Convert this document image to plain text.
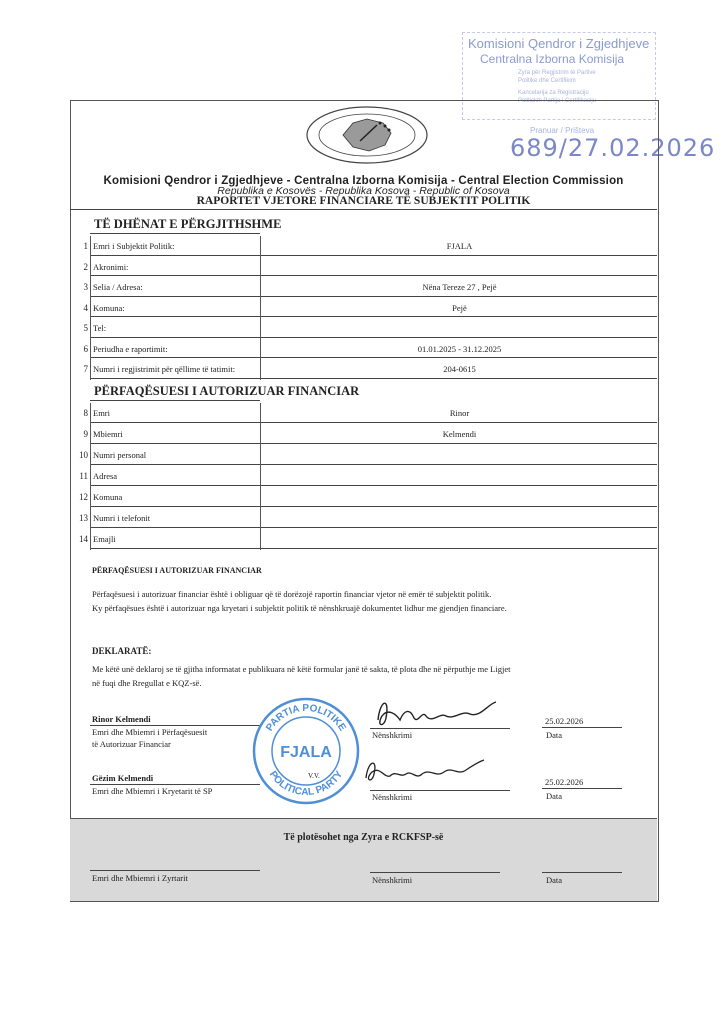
Komisioni Qendror i Zgjedhjeve
Centralna Izborna Komisija
Zyra për Regjistrim të Partive
Politike dhe Certifikim
Kancelarija za Registraciju
Politickih Partija i Certifikaciju
Pranuar / Prišteva
689/27.02.2026
Komisioni Qendror i Zgjedhjeve - Centralna Izborna Komisija - Central Election Commission
Republika e Kosovës - Republika Kosova - Republic of Kosova
RAPORTET VJETORE FINANCIARE TË SUBJEKTIT POLITIK
TË DHËNAT E PËRGJITHSHME
1 Emri i Subjektit Politik:	FJALA
2 Akronimi:
3 Selia / Adresa:	Nëna Tereze 27 , Pejë
4 Komuna:	Pejë
5 Tel:
6 Periudha e raportimit:	01.01.2025 - 31.12.2025
7 Numri i regjistrimit për qëllime të tatimit:	204-0615
PËRFAQËSUESI I AUTORIZUAR FINANCIAR
8 Emri	Rinor
9 Mbiemri	Kelmendi
10 Numri personal
11 Adresa
12 Komuna
13 Numri i telefonit
14 Emajli
PËRFAQËSUESI I AUTORIZUAR FINANCIAR
Përfaqësuesi i autorizuar financiar është i obliguar që të dorëzojë raportin financiar vjetor në emër të subjektit politik.
Ky përfaqësues është i autorizuar nga kryetari i subjektit politik të nënshkruajë dokumentet lidhur me gjendjen financiare.
DEKLARATË:
Me këtë unë deklaroj se të gjitha informatat e publikuara në këtë formular janë të sakta, të plota dhe në përputhje me Ligjet
në fuqi dhe Rregullat e KQZ-së.
Rinor Kelmendi
Emri dhe Mbiemri i Përfaqësuesit
të Autorizuar Financiar
Nënshkrimi
25.02.2026
Data
Gëzim Kelmendi
Emri dhe Mbiemri i Kryetarit të SP
V.V.
Nënshkrimi
25.02.2026
Data
PARTIA POLITIKE
POLITICAL PARTY
FJALA
Të plotësohet nga Zyra e RCKFSP-së
Emri dhe Mbiemri i Zyrtarit	Nënshkrimi	Data
